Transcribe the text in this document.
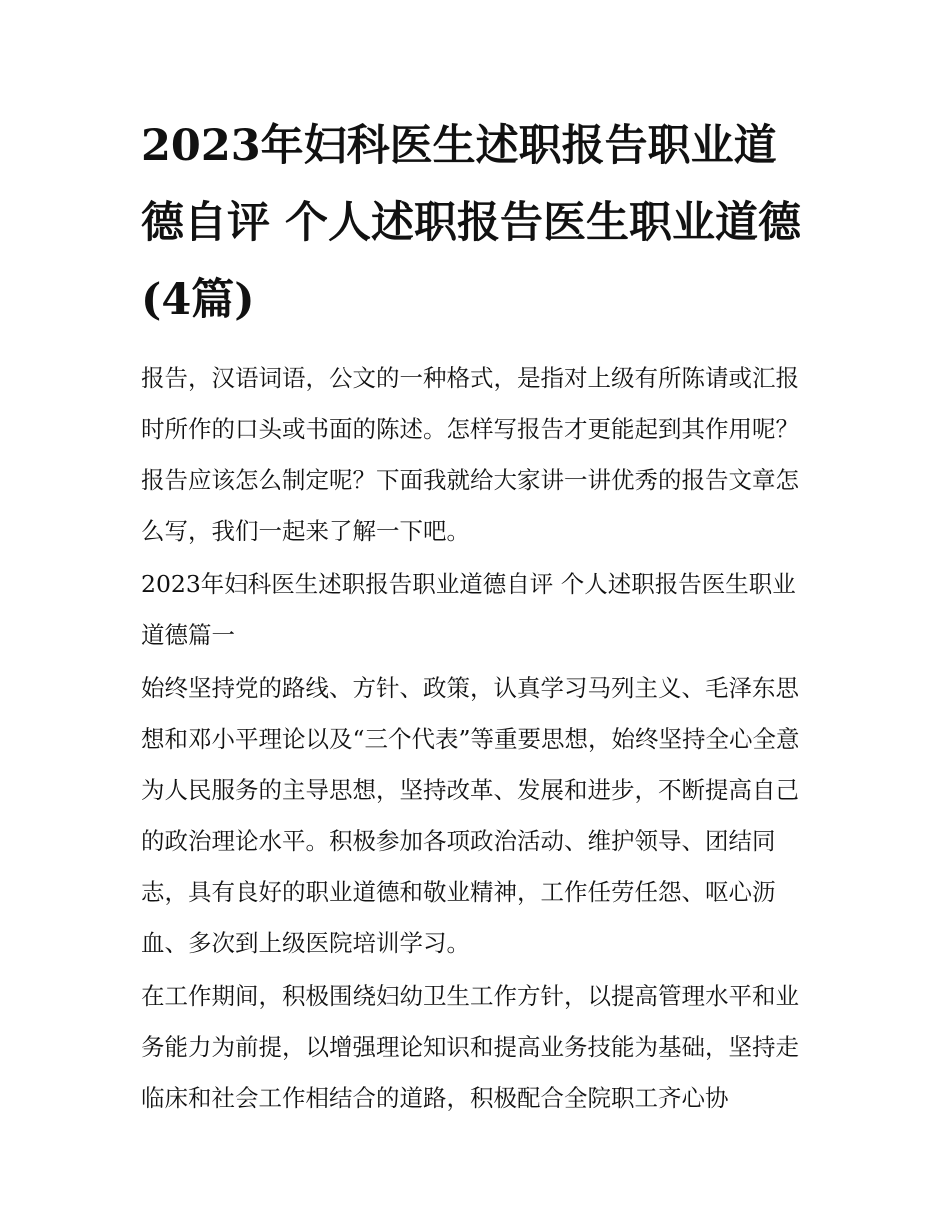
2023年妇科医生述职报告职业道德自评 个人述职报告医生职业道德(4篇)

报告，汉语词语，公文的一种格式，是指对上级有所陈请或汇报时所作的口头或书面的陈述。怎样写报告才更能起到其作用呢？报告应该怎么制定呢？下面我就给大家讲一讲优秀的报告文章怎么写，我们一起来了解一下吧。

2023年妇科医生述职报告职业道德自评 个人述职报告医生职业道德篇一

始终坚持党的路线、方针、政策，认真学习马列主义、毛泽东思想和邓小平理论以及“三个代表”等重要思想，始终坚持全心全意为人民服务的主导思想，坚持改革、发展和进步，不断提高自己的政治理论水平。积极参加各项政治活动、维护领导、团结同志，具有良好的职业道德和敬业精神，工作任劳任怨、呕心沥血、多次到上级医院培训学习。

在工作期间，积极围绕妇幼卫生工作方针，以提高管理水平和业务能力为前提，以增强理论知识和提高业务技能为基础，坚持走临床和社会工作相结合的道路，积极配合全院职工齐心协
